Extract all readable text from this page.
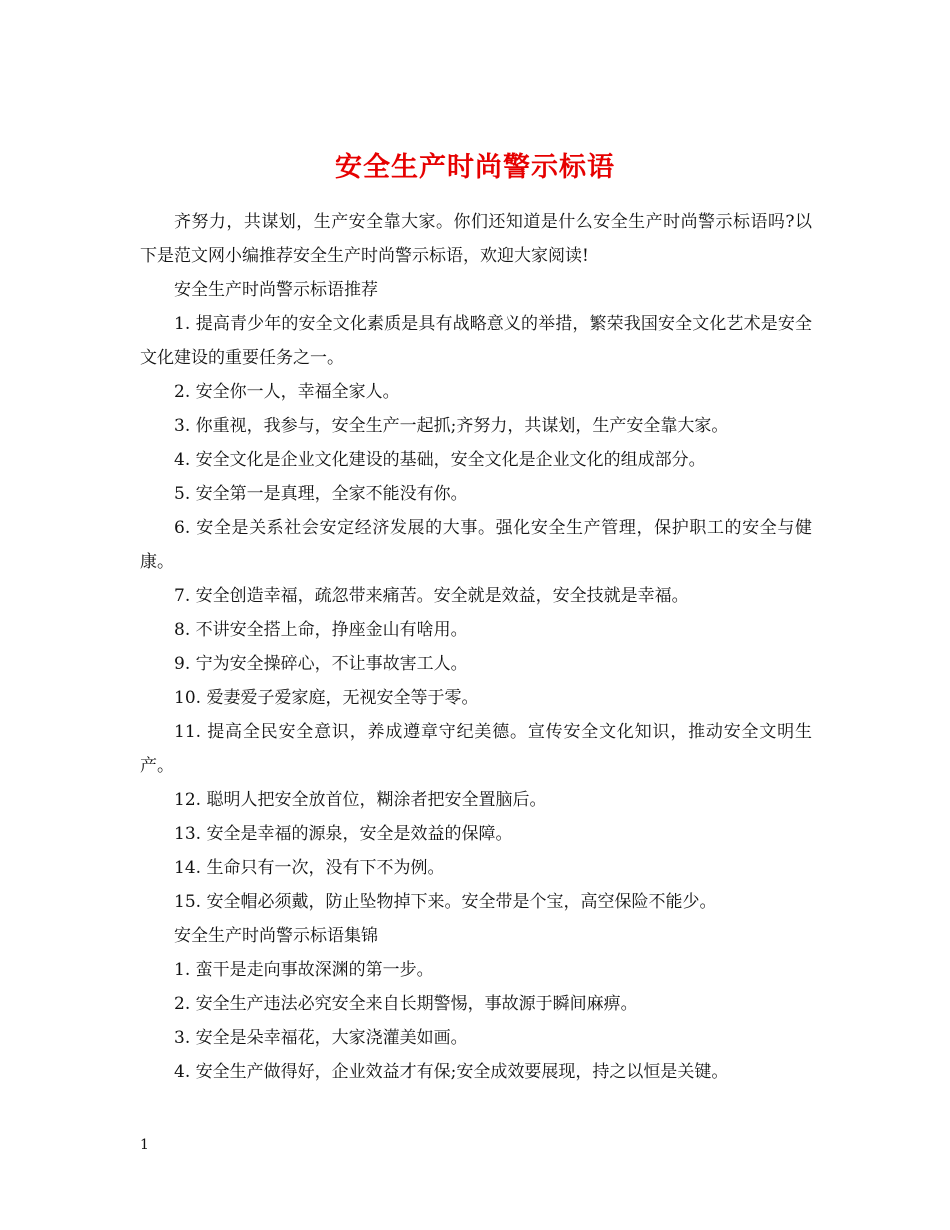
安全生产时尚警示标语

齐努力，共谋划，生产安全靠大家。你们还知道是什么安全生产时尚警示标语吗?以下是范文网小编推荐安全生产时尚警示标语，欢迎大家阅读!

安全生产时尚警示标语推荐

1. 提高青少年的安全文化素质是具有战略意义的举措，繁荣我国安全文化艺术是安全文化建设的重要任务之一。

2. 安全你一人，幸福全家人。

3. 你重视，我参与，安全生产一起抓;齐努力，共谋划，生产安全靠大家。

4. 安全文化是企业文化建设的基础，安全文化是企业文化的组成部分。

5. 安全第一是真理，全家不能没有你。

6. 安全是关系社会安定经济发展的大事。强化安全生产管理，保护职工的安全与健康。

7. 安全创造幸福，疏忽带来痛苦。安全就是效益，安全技就是幸福。

8. 不讲安全搭上命，挣座金山有啥用。

9. 宁为安全操碎心，不让事故害工人。

10. 爱妻爱子爱家庭，无视安全等于零。

11. 提高全民安全意识，养成遵章守纪美德。宣传安全文化知识，推动安全文明生产。

12. 聪明人把安全放首位，糊涂者把安全置脑后。

13. 安全是幸福的源泉，安全是效益的保障。

14. 生命只有一次，没有下不为例。

15. 安全帽必须戴，防止坠物掉下来。安全带是个宝，高空保险不能少。

安全生产时尚警示标语集锦

1. 蛮干是走向事故深渊的第一步。

2. 安全生产违法必究安全来自长期警惕，事故源于瞬间麻痹。

3. 安全是朵幸福花，大家浇灌美如画。

4. 安全生产做得好，企业效益才有保;安全成效要展现，持之以恒是关键。

1
